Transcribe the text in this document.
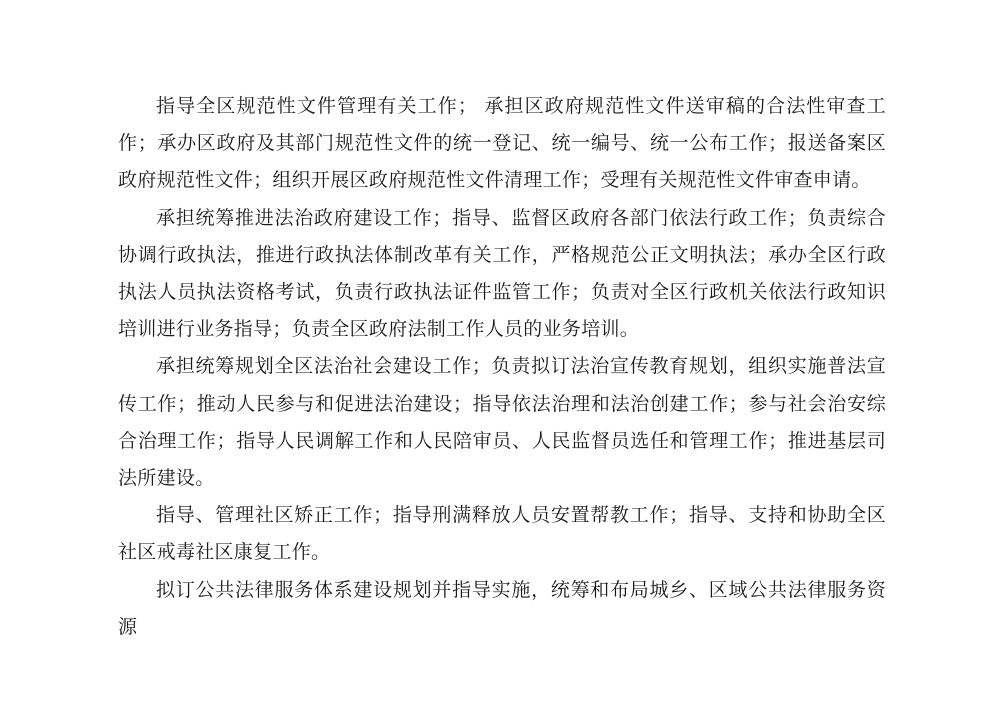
指导全区规范性文件管理有关工作； 承担区政府规范性文件送审稿的合法性审查工作；承办区政府及其部门规范性文件的统一登记、统一编号、统一公布工作；报送备案区政府规范性文件；组织开展区政府规范性文件清理工作；受理有关规范性文件审查申请。

承担统筹推进法治政府建设工作；指导、监督区政府各部门依法行政工作；负责综合协调行政执法，推进行政执法体制改革有关工作，严格规范公正文明执法；承办全区行政执法人员执法资格考试，负责行政执法证件监管工作；负责对全区行政机关依法行政知识培训进行业务指导；负责全区政府法制工作人员的业务培训。

承担统筹规划全区法治社会建设工作；负责拟订法治宣传教育规划，组织实施普法宣传工作；推动人民参与和促进法治建设；指导依法治理和法治创建工作；参与社会治安综合治理工作；指导人民调解工作和人民陪审员、人民监督员选任和管理工作；推进基层司法所建设。

指导、管理社区矫正工作；指导刑满释放人员安置帮教工作；指导、支持和协助全区社区戒毒社区康复工作。

拟订公共法律服务体系建设规划并指导实施，统筹和布局城乡、区域公共法律服务资源
